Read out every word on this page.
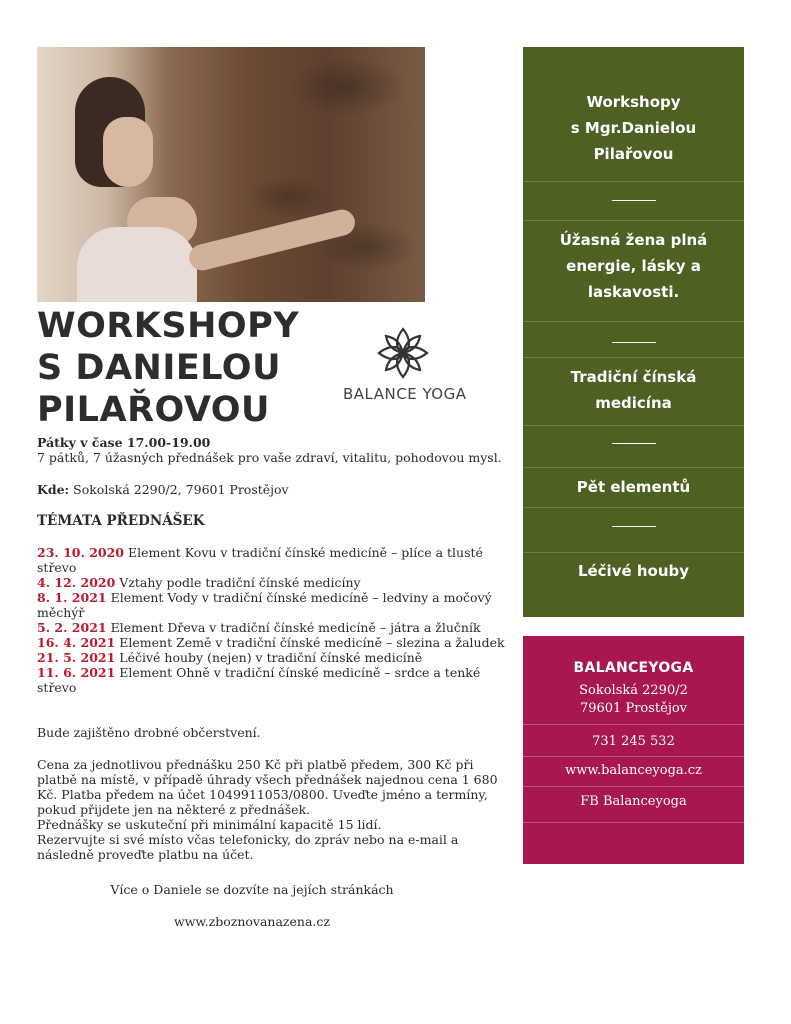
WORKSHOPY
S DANIELOU
PILAŘOVOU	BALANCE YOGA

Pátky v čase 17.00-19.00

7 pátků, 7 úžasných přednášek pro vaše zdraví, vitalitu, pohodovou mysl.

Kde: Sokolská 2290/2, 79601 Prostějov

TÉMATA PŘEDNÁŠEK

23. 10. 2020 Element Kovu v tradiční čínské medicíně – plíce a tlusté střevo
4. 12. 2020 Vztahy podle tradiční čínské medicíny
8. 1. 2021 Element Vody v tradiční čínské medicíně – ledviny a močový měchýř
5. 2. 2021 Element Dřeva v tradiční čínské medicíně – játra a žlučník
16. 4. 2021 Element Země v tradiční čínské medicíně – slezina a žaludek
21. 5. 2021 Léčivé houby (nejen) v tradiční čínské medicíně
11. 6. 2021 Element Ohně v tradiční čínské medicíně – srdce a tenké střevo

Bude zajištěno drobné občerstvení.

Cena za jednotlivou přednášku 250 Kč při platbě předem, 300 Kč při platbě na místě, v případě úhrady všech přednášek najednou cena 1 680 Kč. Platba předem na účet 1049911053/0800. Uveďte jméno a termíny, pokud přijdete jen na některé z přednášek.

Přednášky se uskuteční při minimální kapacitě 15 lidí.

Rezervujte si své místo včas telefonicky, do zpráv nebo na e-mail a následně proveďte platbu na účet.

Více o Daniele se dozvíte na jejích stránkách

www.zboznovanazena.cz

Workshopy
s Mgr.Danielou
Pilařovou
Úžasná žena plná
energie, lásky a
laskavosti.
Tradiční čínská
medicína
Pět elementů
Léčivé houby
BALANCEYOGA
Sokolská 2290/2
79601 Prostějov
731 245 532
www.balanceyoga.cz
FB Balanceyoga
